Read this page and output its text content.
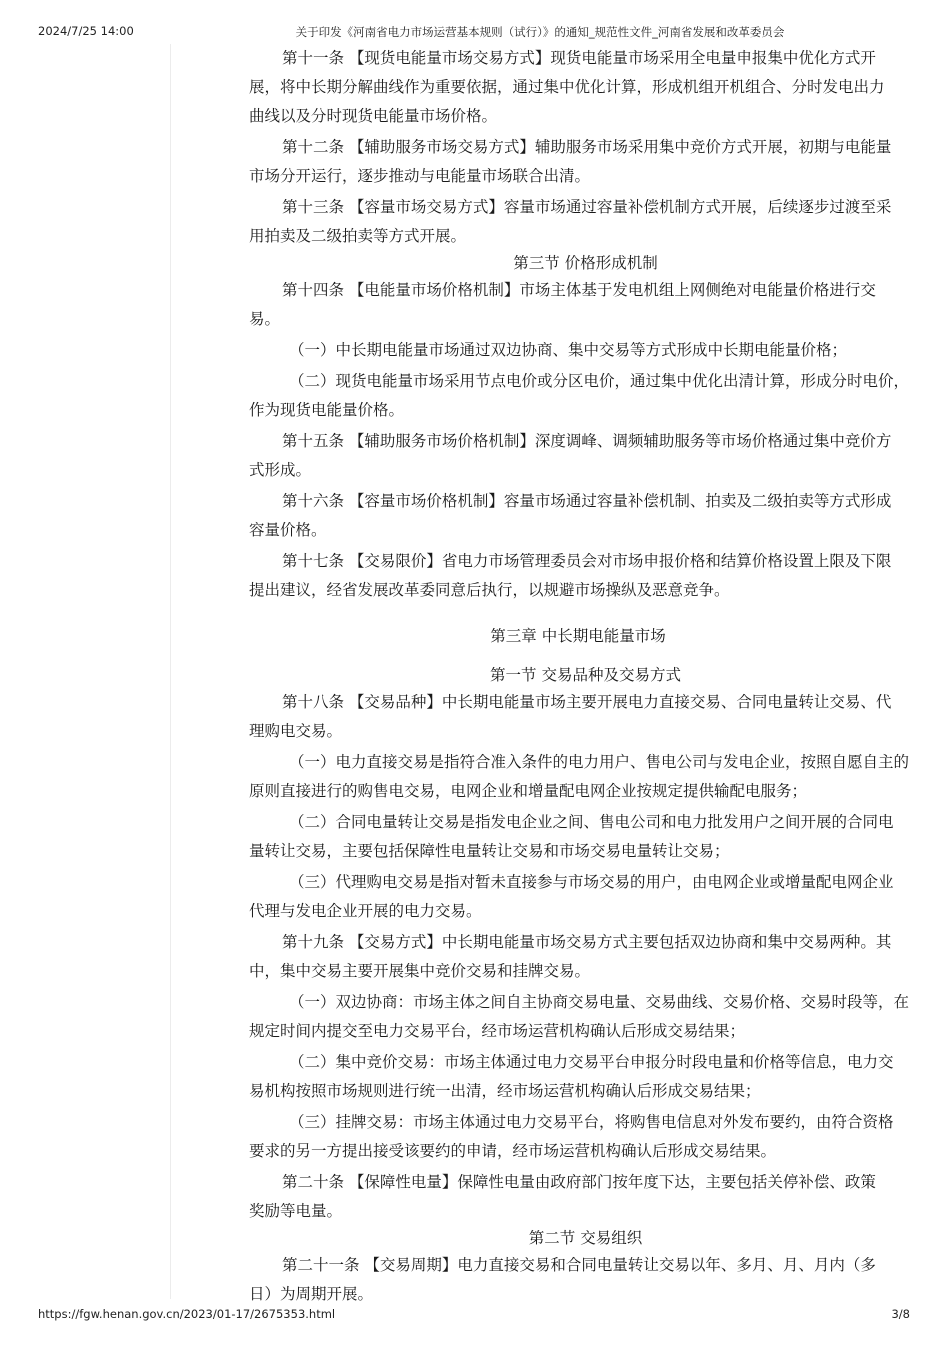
2024/7/25 14:00	关于印发《河南省电力市场运营基本规则（试行）》的通知_规范性文件_河南省发展和改革委员会

第十一条 【现货电能量市场交易方式】现货电能量市场采用全电量申报集中优化方式开

展，将中长期分解曲线作为重要依据，通过集中优化计算，形成机组开机组合、分时发电出力

曲线以及分时现货电能量市场价格。

第十二条 【辅助服务市场交易方式】辅助服务市场采用集中竞价方式开展，初期与电能量

市场分开运行，逐步推动与电能量市场联合出清。

第十三条 【容量市场交易方式】容量市场通过容量补偿机制方式开展，后续逐步过渡至采

用拍卖及二级拍卖等方式开展。

第三节 价格形成机制

第十四条 【电能量市场价格机制】市场主体基于发电机组上网侧绝对电能量价格进行交

易。

（一）中长期电能量市场通过双边协商、集中交易等方式形成中长期电能量价格；

（二）现货电能量市场采用节点电价或分区电价，通过集中优化出清计算，形成分时电价，

作为现货电能量价格。

第十五条 【辅助服务市场价格机制】深度调峰、调频辅助服务等市场价格通过集中竞价方

式形成。

第十六条 【容量市场价格机制】容量市场通过容量补偿机制、拍卖及二级拍卖等方式形成

容量价格。

第十七条 【交易限价】省电力市场管理委员会对市场申报价格和结算价格设置上限及下限

提出建议，经省发展改革委同意后执行，以规避市场操纵及恶意竞争。

第三章 中长期电能量市场

第一节 交易品种及交易方式

第十八条 【交易品种】中长期电能量市场主要开展电力直接交易、合同电量转让交易、代

理购电交易。

（一）电力直接交易是指符合准入条件的电力用户、售电公司与发电企业，按照自愿自主的

原则直接进行的购售电交易，电网企业和增量配电网企业按规定提供输配电服务；

（二）合同电量转让交易是指发电企业之间、售电公司和电力批发用户之间开展的合同电

量转让交易，主要包括保障性电量转让交易和市场交易电量转让交易；

（三）代理购电交易是指对暂未直接参与市场交易的用户，由电网企业或增量配电网企业

代理与发电企业开展的电力交易。

第十九条 【交易方式】中长期电能量市场交易方式主要包括双边协商和集中交易两种。其

中，集中交易主要开展集中竞价交易和挂牌交易。

（一）双边协商：市场主体之间自主协商交易电量、交易曲线、交易价格、交易时段等，在

规定时间内提交至电力交易平台，经市场运营机构确认后形成交易结果；

（二）集中竞价交易：市场主体通过电力交易平台申报分时段电量和价格等信息，电力交

易机构按照市场规则进行统一出清，经市场运营机构确认后形成交易结果；

（三）挂牌交易：市场主体通过电力交易平台，将购售电信息对外发布要约，由符合资格

要求的另一方提出接受该要约的申请，经市场运营机构确认后形成交易结果。

第二十条 【保障性电量】保障性电量由政府部门按年度下达，主要包括关停补偿、政策

奖励等电量。

第二节 交易组织

第二十一条 【交易周期】电力直接交易和合同电量转让交易以年、多月、月、月内（多

日）为周期开展。

https://fgw.henan.gov.cn/2023/01-17/2675353.html	3/8
